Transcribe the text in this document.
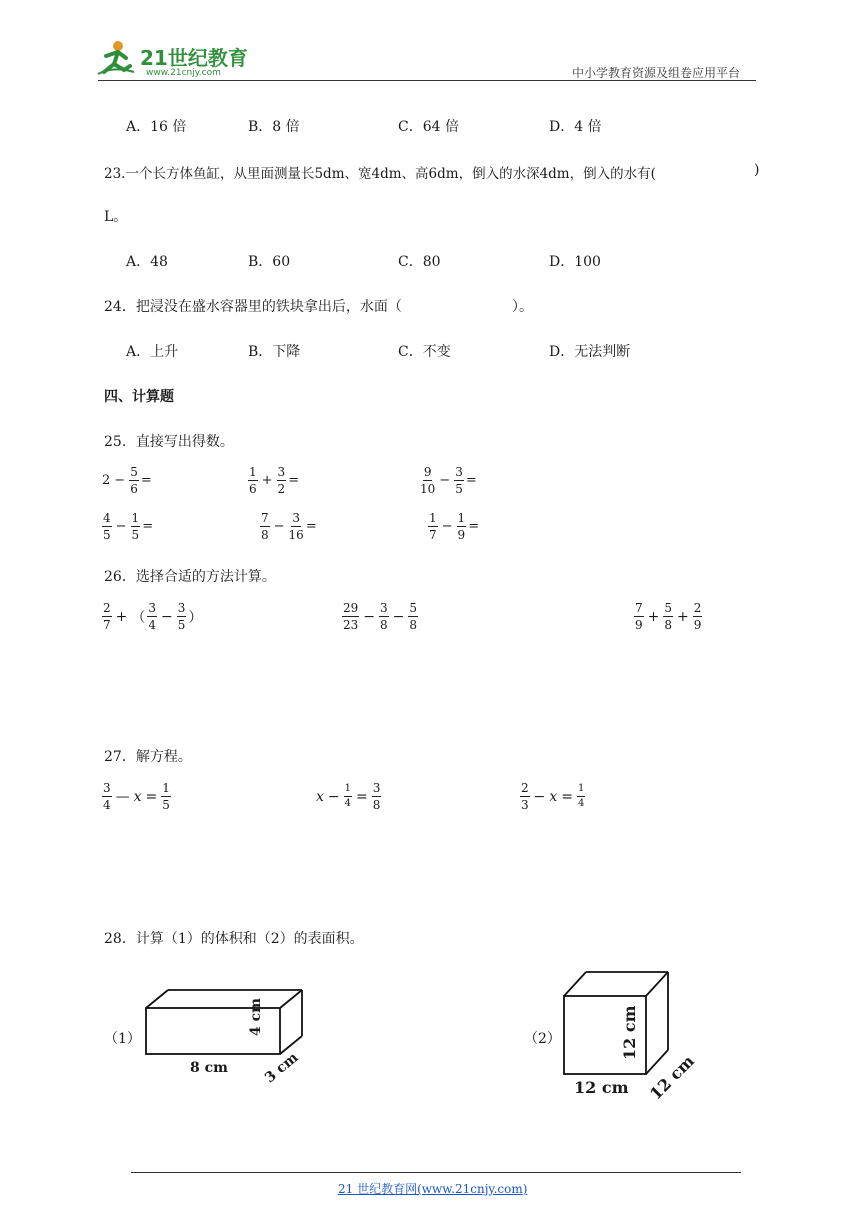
21世纪教育
www.21cnjy.com	中小学教育资源及组卷应用平台
A．16 倍	B．8 倍	C．64 倍	D．4 倍
23.一个长方体鱼缸，从里面测量长5dm、宽4dm、高6dm，倒入的水深4dm，倒入的水有(	)
L。
A．48	B．60	C．80	D．100
24．把浸没在盛水容器里的铁块拿出后，水面（	）。
A．上升	B．下降	C．不变	D．无法判断
四、计算题
25．直接写出得数。
$2 - \frac{5}{6}$ =	$\frac{1}{6} + \frac{3}{2}$ =	$\frac{9}{10} - \frac{3}{5}$ =
$\frac{4}{5} - \frac{1}{5}$ =	$\frac{7}{8} - \frac{3}{16}$ =	$\frac{1}{7} - \frac{1}{9}$ =
26．选择合适的方法计算。
$\frac{2}{7}$ + （ $\frac{3}{4} - \frac{3}{5}$ ）	$\frac{29}{23} - \frac{3}{8} - \frac{5}{8}$	$\frac{7}{9} + \frac{5}{8} + \frac{2}{9}$
27．解方程。
$\frac{3}{4}$ — $x = \frac{1}{5}$	$x - \frac{1}{4} = \frac{3}{8}$	$\frac{2}{3} - x = \frac{1}{4}$
28．计算（1）的体积和（2）的表面积。
（1）
8 cm
4 cm
3 cm
（2）
12 cm
12 cm
12 cm
21 世纪教育网(www.21cnjy.com)
